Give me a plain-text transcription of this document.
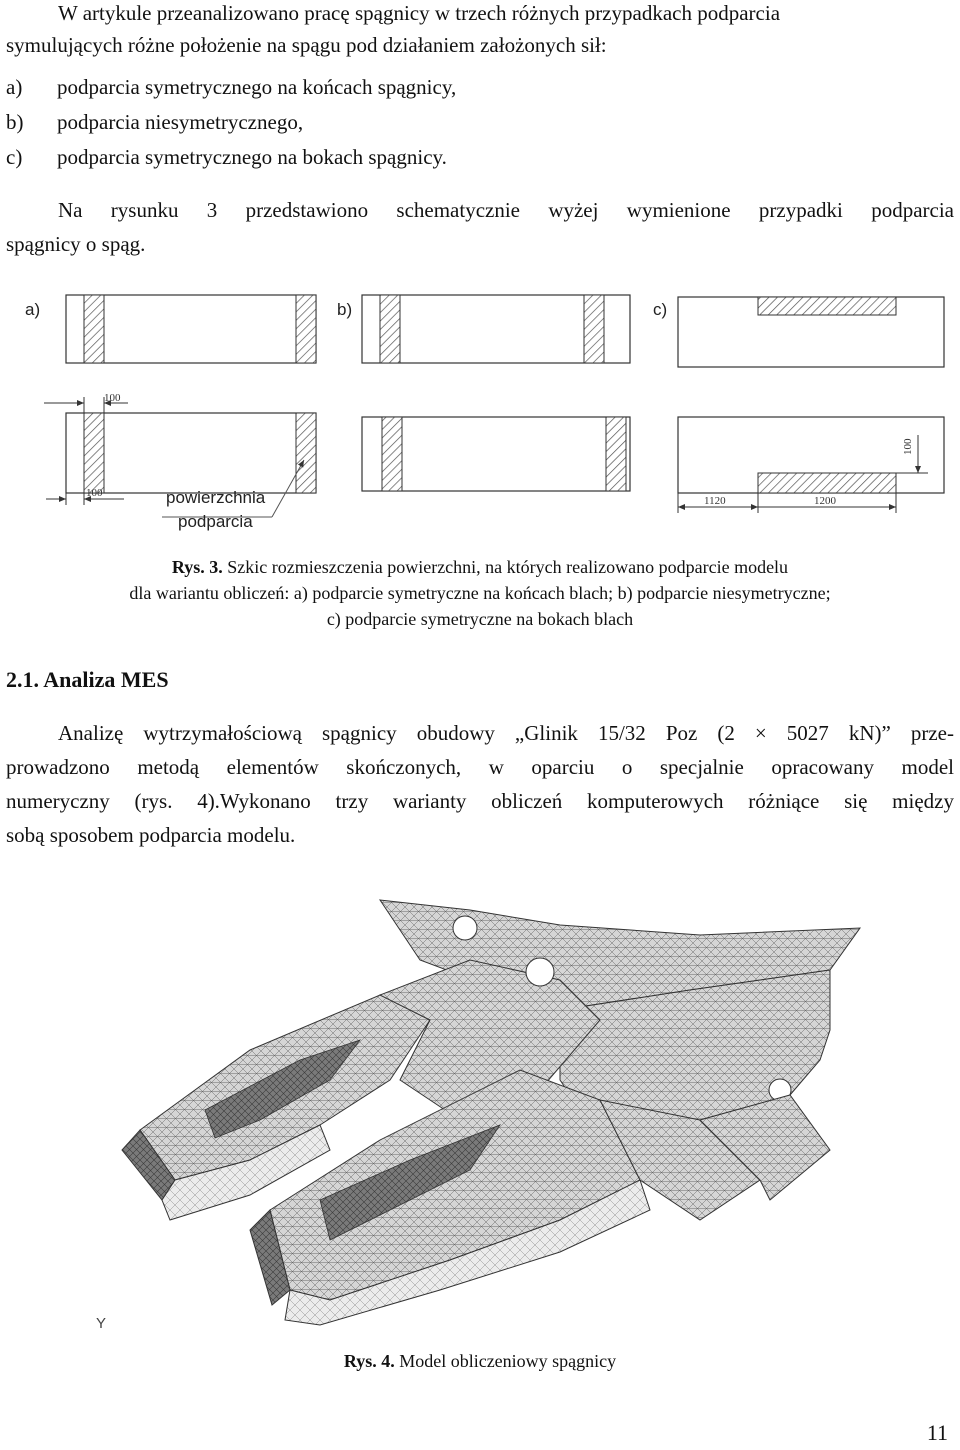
W artykule przeanalizowano pracę spągnicy w trzech różnych przypadkach podparcia
symulujących różne położenie na spągu pod działaniem założonych sił:
a)	podparcia symetrycznego na końcach spągnicy,
b)	podparcia niesymetrycznego,
c)	podparcia symetrycznego na bokach spągnicy.

Na rysunku 3 przedstawiono schematycznie wyżej wymienione przypadki podparcia

spągnicy o spąg.

a)	b)	c)
100
100	powierzchnia
podparcia
1120	1200
100
Rys. 3. Szkic rozmieszczenia powierzchni, na których realizowano podparcie modelu
dla wariantu obliczeń: a) podparcie symetryczne na końcach blach; b) podparcie niesymetryczne;
c) podparcie symetryczne na bokach blach
2.1. Analiza MES

Analizę wytrzymałościową spągnicy obudowy „Glinik 15/32 Poz (2 × 5027 kN)” prze-

prowadzono metodą elementów skończonych, w oparciu o specjalnie opracowany model

numeryczny (rys. 4).Wykonano trzy warianty obliczeń komputerowych różniące się między

sobą sposobem podparcia modelu.

Y
Rys. 4. Model obliczeniowy spągnicy
11
